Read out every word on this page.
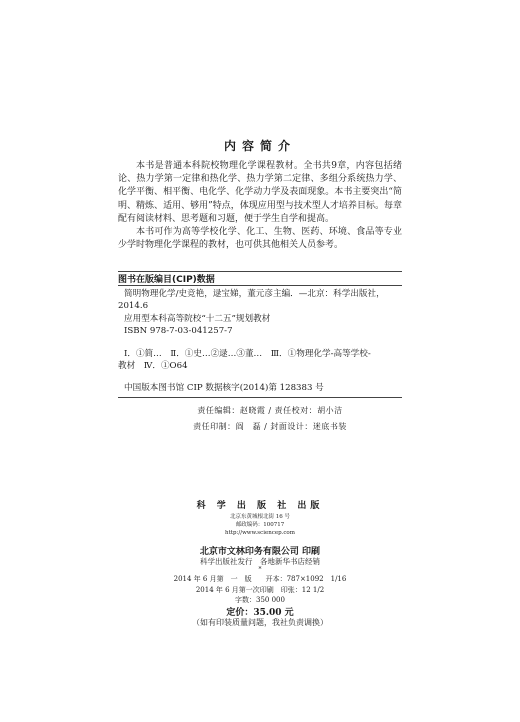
内容简介

本书是普通本科院校物理化学课程教材。全书共9章，内容包括绪论、热力学第一定律和热化学、热力学第二定律、多组分系统热力学、化学平衡、相平衡、电化学、化学动力学及表面现象。本书主要突出“简明、精炼、适用、够用”特点，体现应用型与技术型人才培养目标。每章配有阅读材料、思考题和习题，便于学生自学和提高。

本书可作为高等学校化学、化工、生物、医药、环境、食品等专业少学时物理化学课程的教材，也可供其他相关人员参考。

图书在版编目(CIP)数据
简明物理化学/史竞艳，逯宝娣，董元彦主编．—北京：科学出版社，
2014.6
应用型本科高等院校“十二五”规划教材
ISBN 978-7-03-041257-7
Ⅰ．①简…　Ⅱ．①史…②逯…③董…　Ⅲ．①物理化学-高等学校-
教材　Ⅳ．①O64
中国版本图书馆 CIP 数据核字(2014)第 128383 号
责任编辑：赵晓霞 / 责任校对：胡小洁
责任印制：阎　磊 / 封面设计：迷底书装
科 学 出 版 社 出版
北京东黄城根北街 16 号
邮政编码：100717
http://www.sciencep.com
北京市文林印务有限公司 印刷
科学出版社发行　各地新华书店经销
*
2014 年 6 月第　一　版　　开本：787×1092　1/16
2014 年 6 月第一次印刷　印张：12 1/2
字数：350 000
定价：35.00 元
（如有印装质量问题，我社负责调换）
